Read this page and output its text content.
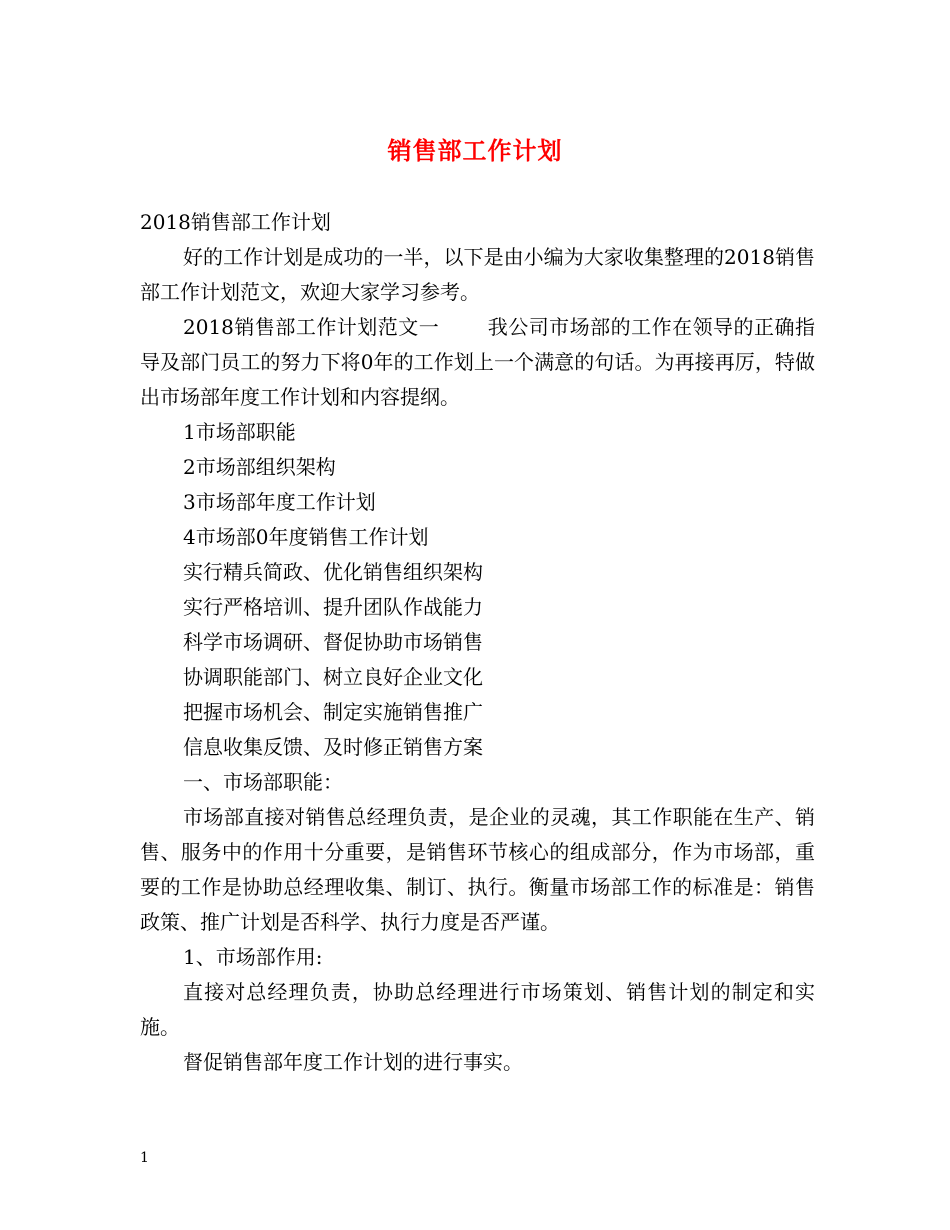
销售部工作计划

2018销售部工作计划

好的工作计划是成功的一半，以下是由小编为大家收集整理的2018销售部工作计划范文，欢迎大家学习参考。

2018销售部工作计划范文一 我公司市场部的工作在领导的正确指导及部门员工的努力下将0年的工作划上一个满意的句话。为再接再厉，特做出市场部年度工作计划和内容提纲。

1市场部职能

2市场部组织架构

3市场部年度工作计划

4市场部0年度销售工作计划

实行精兵简政、优化销售组织架构

实行严格培训、提升团队作战能力

科学市场调研、督促协助市场销售

协调职能部门、树立良好企业文化

把握市场机会、制定实施销售推广

信息收集反馈、及时修正销售方案

一、市场部职能：

市场部直接对销售总经理负责，是企业的灵魂，其工作职能在生产、销售、服务中的作用十分重要，是销售环节核心的组成部分，作为市场部，重要的工作是协助总经理收集、制订、执行。衡量市场部工作的标准是：销售政策、推广计划是否科学、执行力度是否严谨。

1、市场部作用:

直接对总经理负责，协助总经理进行市场策划、销售计划的制定和实施。

督促销售部年度工作计划的进行事实。

1
